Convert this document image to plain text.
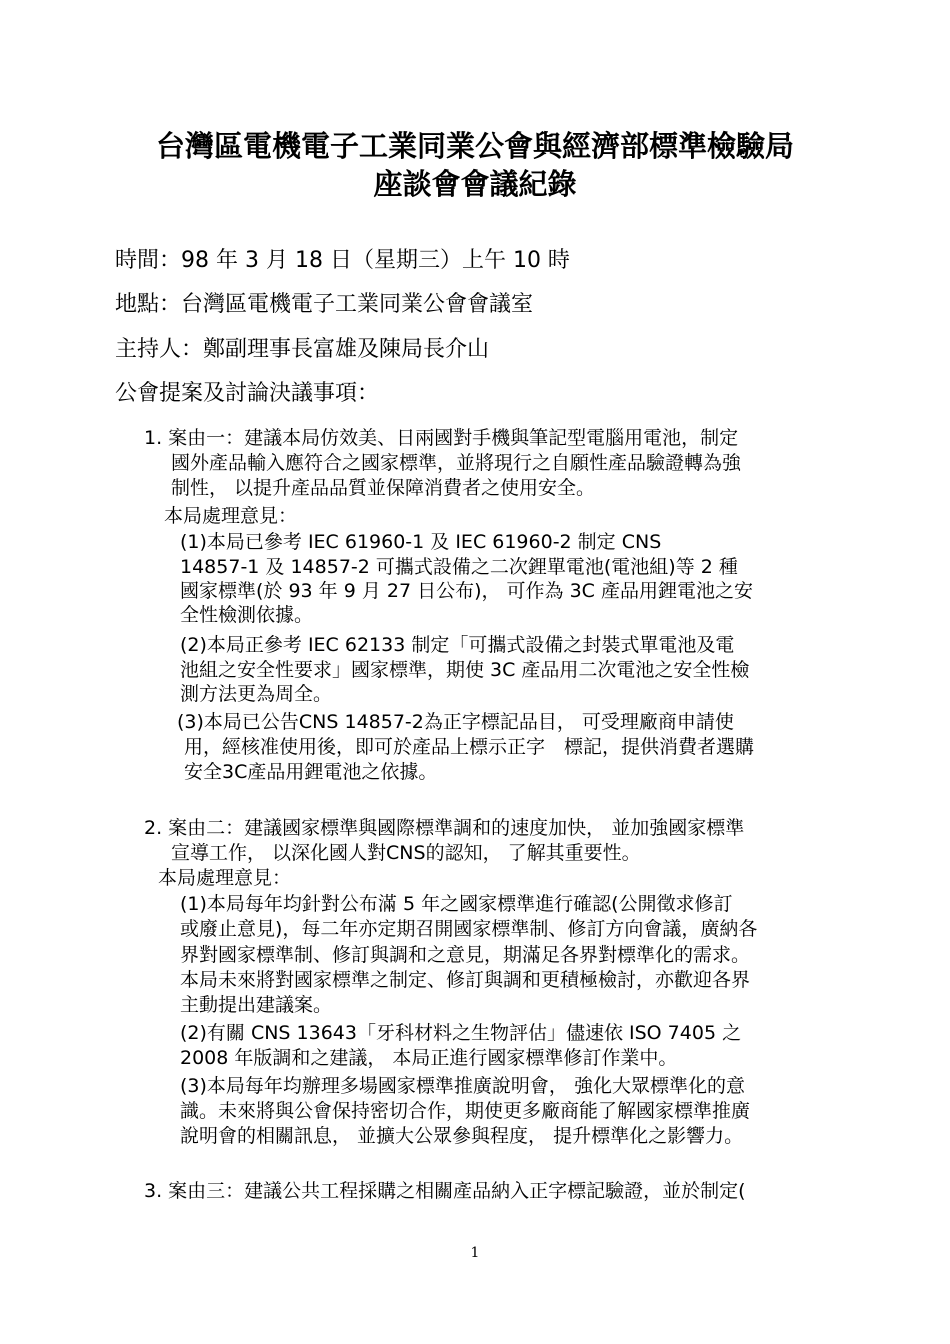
台灣區電機電子工業同業公會與經濟部標準檢驗局
座談會會議紀錄
時間：98 年 3 月 18 日（星期三）上午 10 時
地點：台灣區電機電子工業同業公會會議室
主持人：鄭副理事長富雄及陳局長介山
公會提案及討論決議事項：
1. 案由一：建議本局仿效美、日兩國對手機與筆記型電腦用電池，制定
國外產品輸入應符合之國家標準，並將現行之自願性產品驗證轉為強
制性， 以提升產品品質並保障消費者之使用安全。
本局處理意見：
(1)本局已參考 IEC 61960-1 及 IEC 61960-2 制定 CNS
14857-1 及 14857-2 可攜式設備之二次鋰單電池(電池組)等 2 種
國家標準(於 93 年 9 月 27 日公布)， 可作為 3C 產品用鋰電池之安
全性檢測依據。
(2)本局正參考 IEC 62133 制定「可攜式設備之封裝式單電池及電
池組之安全性要求」國家標準，期使 3C 產品用二次電池之安全性檢
測方法更為周全。
(3)本局已公告CNS 14857-2為正字標記品目， 可受理廠商申請使
用，經核准使用後，即可於產品上標示正字　標記，提供消費者選購
安全3C產品用鋰電池之依據。
2. 案由二：建議國家標準與國際標準調和的速度加快， 並加強國家標準
宣導工作， 以深化國人對CNS的認知， 了解其重要性。
本局處理意見：
(1)本局每年均針對公布滿 5 年之國家標準進行確認(公開徵求修訂
或廢止意見)，每二年亦定期召開國家標準制、修訂方向會議，廣納各
界對國家標準制、修訂與調和之意見，期滿足各界對標準化的需求。
本局未來將對國家標準之制定、修訂與調和更積極檢討，亦歡迎各界
主動提出建議案。
(2)有關 CNS 13643「牙科材料之生物評估」儘速依 ISO 7405 之
2008 年版調和之建議， 本局正進行國家標準修訂作業中。
(3)本局每年均辦理多場國家標準推廣說明會， 強化大眾標準化的意
識。未來將與公會保持密切合作，期使更多廠商能了解國家標準推廣
說明會的相關訊息， 並擴大公眾參與程度， 提升標準化之影響力。
3. 案由三：建議公共工程採購之相關產品納入正字標記驗證，並於制定(
1
